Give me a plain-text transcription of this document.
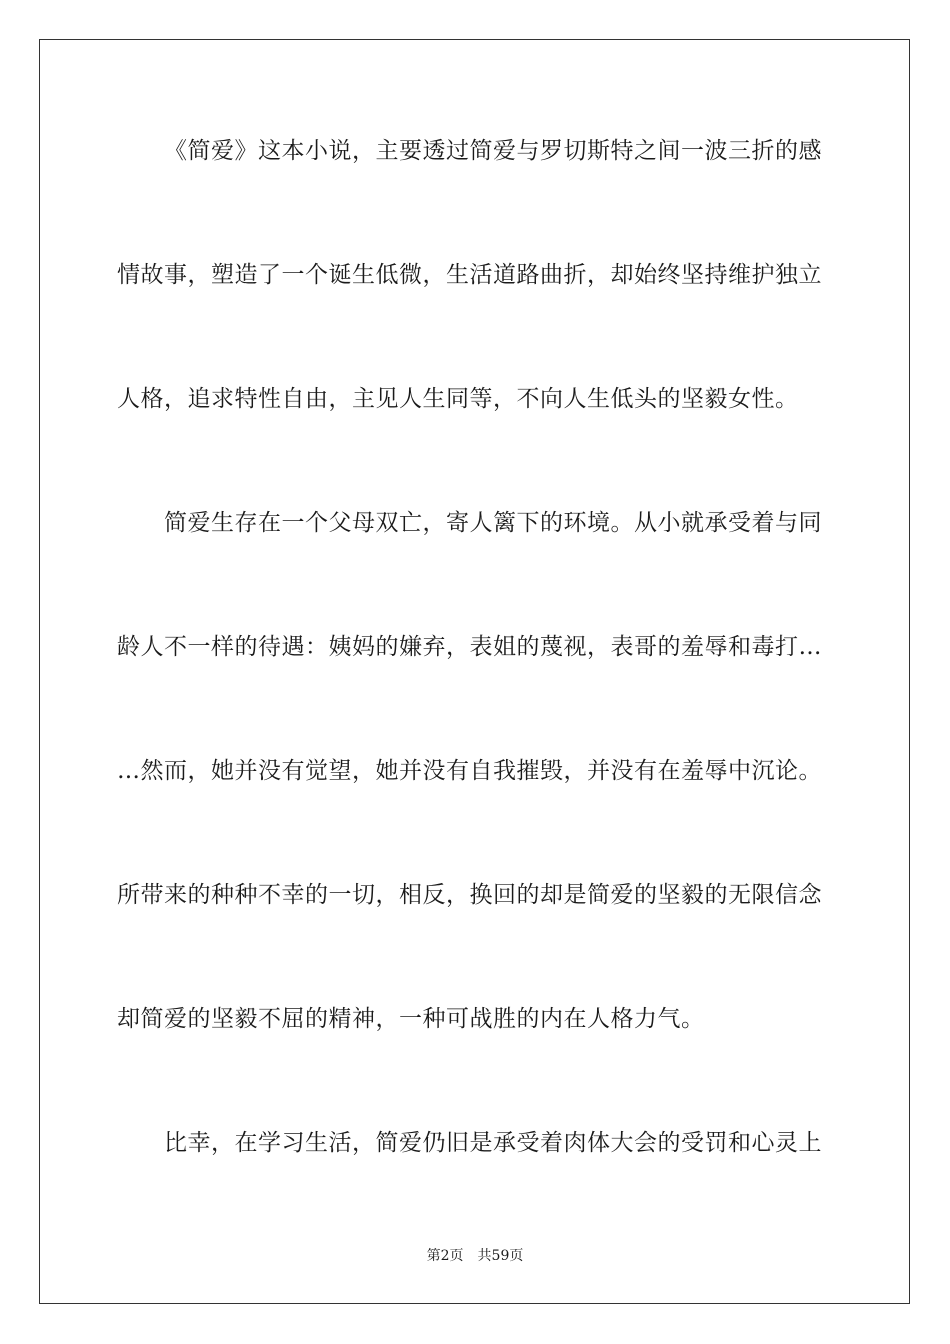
《简爱》这本小说，主要透过简爱与罗切斯特之间一波三折的感
情故事，塑造了一个诞生低微，生活道路曲折，却始终坚持维护独立
人格，追求特性自由，主见人生同等，不向人生低头的坚毅女性。
简爱生存在一个父母双亡，寄人篱下的环境。从小就承受着与同
龄人不一样的待遇：姨妈的嫌弃，表姐的蔑视，表哥的羞辱和毒打…
…然而，她并没有觉望，她并没有自我摧毁，并没有在羞辱中沉论。
所带来的种种不幸的一切，相反，换回的却是简爱的坚毅的无限信念
却简爱的坚毅不屈的精神，一种可战胜的内在人格力气。
比幸，在学习生活，简爱仍旧是承受着肉体大会的受罚和心灵上
第2页 共59页
